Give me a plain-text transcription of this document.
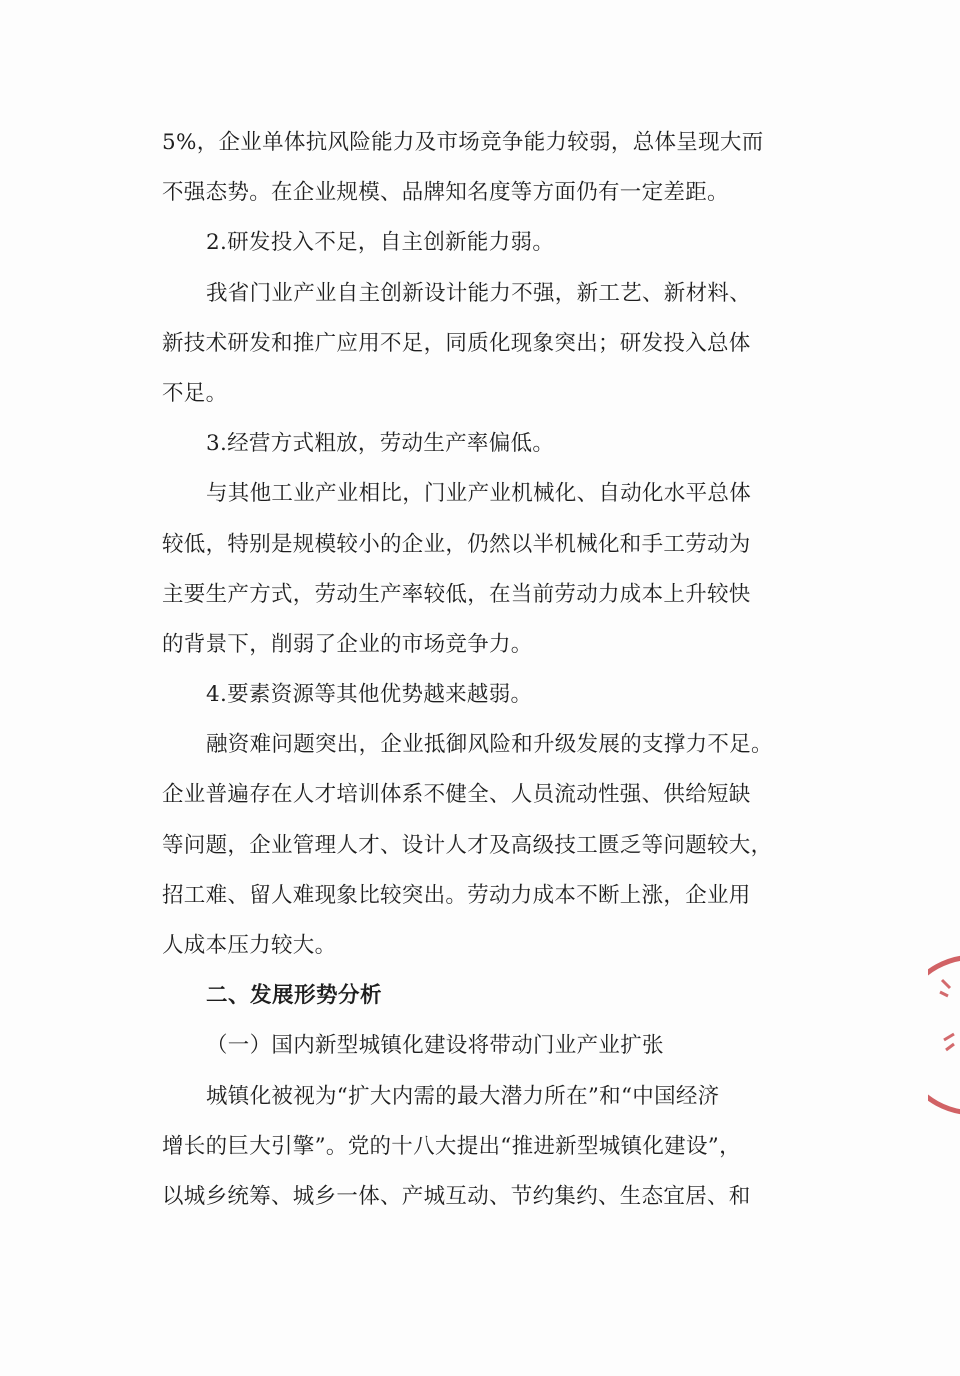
5%，企业单体抗风险能力及市场竞争能力较弱，总体呈现大而
不强态势。在企业规模、品牌知名度等方面仍有一定差距。
2.研发投入不足，自主创新能力弱。
我省门业产业自主创新设计能力不强，新工艺、新材料、
新技术研发和推广应用不足，同质化现象突出；研发投入总体
不足。
3.经营方式粗放，劳动生产率偏低。
与其他工业产业相比，门业产业机械化、自动化水平总体
较低，特别是规模较小的企业，仍然以半机械化和手工劳动为
主要生产方式，劳动生产率较低，在当前劳动力成本上升较快
的背景下，削弱了企业的市场竞争力。
4.要素资源等其他优势越来越弱。
融资难问题突出，企业抵御风险和升级发展的支撑力不足。
企业普遍存在人才培训体系不健全、人员流动性强、供给短缺
等问题，企业管理人才、设计人才及高级技工匮乏等问题较大，
招工难、留人难现象比较突出。劳动力成本不断上涨，企业用
人成本压力较大。
二、发展形势分析
（一）国内新型城镇化建设将带动门业产业扩张
城镇化被视为“扩大内需的最大潜力所在”和“中国经济
增长的巨大引擎”。党的十八大提出“推进新型城镇化建设”，
以城乡统筹、城乡一体、产城互动、节约集约、生态宜居、和
